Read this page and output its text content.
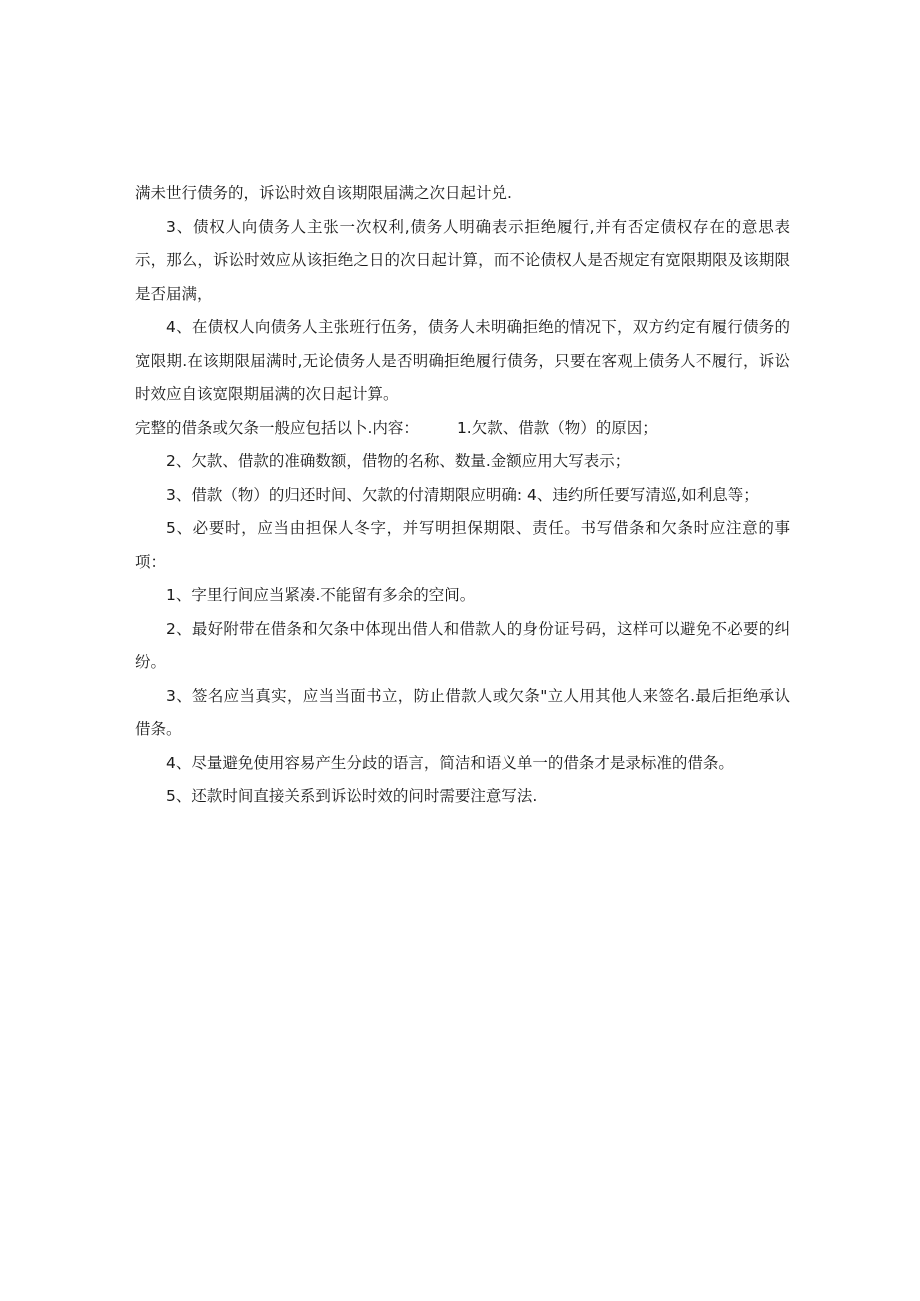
满未世行债务的，诉讼时效自该期限届满之次日起计兑.

3、债权人向债务人主张一次权利,债务人明确表示拒绝履行,并有否定债权存在的意思表示，那么，诉讼时效应从该拒绝之日的次日起计算，而不论债权人是否规定有宽限期限及该期限是否届满，

4、在债权人向债务人主张班行伍务，债务人未明确拒绝的情况下，双方约定有履行债务的宽限期.在该期限届满时,无论债务人是否明确拒绝履行债务，只要在客观上债务人不履行，诉讼时效应自该宽限期届满的次日起计算。

完整的借条或欠条一般应包括以卜.内容： 1.欠款、借款（物）的原因；

2、欠款、借款的准确数额，借物的名称、数量.金额应用大写表示；

3、借款（物）的归还时间、欠款的付清期限应明确: 4、违约所任要写清巡,如利息等；

5、必要时，应当由担保人冬字，并写明担保期限、责任。书写借条和欠条时应注意的事项：

1、字里行间应当紧凑.不能留有多余的空间。

2、最好附带在借条和欠条中体现出借人和借款人的身份证号码，这样可以避免不必要的纠纷。

3、签名应当真实，应当当面书立，防止借款人或欠条"立人用其他人来签名.最后拒绝承认借条。

4、尽量避免使用容易产生分歧的语言，简洁和语义单一的借条才是录标准的借条。

5、还款时间直接关系到诉讼时效的问时需要注意写法.
